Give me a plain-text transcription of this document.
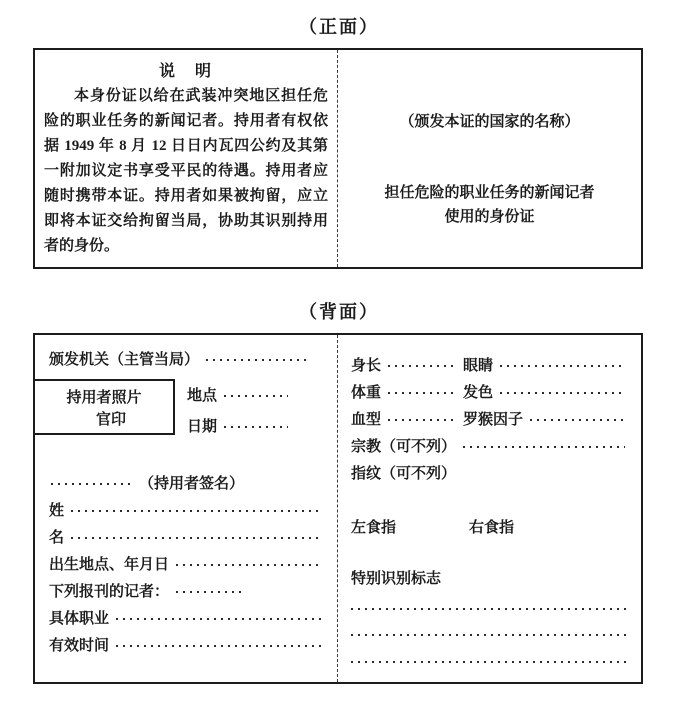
（正面）
说　明

本身份证以给在武装冲突地区担任危险的职业任务的新闻记者。持用者有权依据 1949 年 8 月 12 日日内瓦四公约及其第一附加议定书享受平民的待遇。持用者应随时携带本证。持用者如果被拘留，应立即将本证交给拘留当局，协助其识别持用者的身份。

（颁发本证的国家的名称）
担任危险的职业任务的新闻记者
使用的身份证
（背面）
颁发机关（主管当局）
持用者照片
官印
地点
日期
（持用者签名）
姓
名
出生地点、年月日
下列报刊的记者：
具体职业
有效时间
身长	眼睛
体重	发色
血型	罗猴因子
宗教（可不列）
指纹（可不列）
左食指	右食指
特别识别标志
